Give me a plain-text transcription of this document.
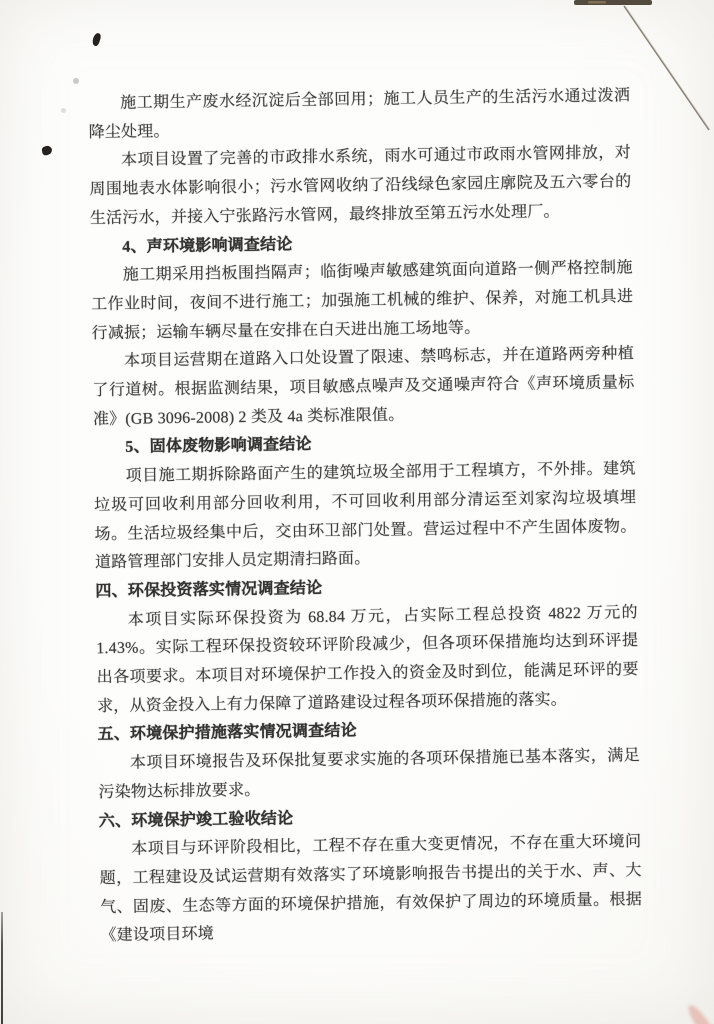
施工期生产废水经沉淀后全部回用；施工人员生产的生活污水通过泼洒降尘处理。

本项目设置了完善的市政排水系统，雨水可通过市政雨水管网排放，对周围地表水体影响很小；污水管网收纳了沿线绿色家园庄廓院及五六零台的生活污水，并接入宁张路污水管网，最终排放至第五污水处理厂。

4、声环境影响调查结论

施工期采用挡板围挡隔声；临街噪声敏感建筑面向道路一侧严格控制施工作业时间，夜间不进行施工；加强施工机械的维护、保养，对施工机具进行减振；运输车辆尽量在安排在白天进出施工场地等。

本项目运营期在道路入口处设置了限速、禁鸣标志，并在道路两旁种植了行道树。根据监测结果，项目敏感点噪声及交通噪声符合《声环境质量标准》(GB 3096-2008) 2 类及 4a 类标准限值。

5、固体废物影响调查结论

项目施工期拆除路面产生的建筑垃圾全部用于工程填方，不外排。建筑垃圾可回收利用部分回收利用，不可回收利用部分清运至刘家沟垃圾填埋场。生活垃圾经集中后，交由环卫部门处置。营运过程中不产生固体废物。道路管理部门安排人员定期清扫路面。

四、环保投资落实情况调查结论

本项目实际环保投资为 68.84 万元，占实际工程总投资 4822 万元的 1.43%。实际工程环保投资较环评阶段减少，但各项环保措施均达到环评提出各项要求。本项目对环境保护工作投入的资金及时到位，能满足环评的要求，从资金投入上有力保障了道路建设过程各项环保措施的落实。

五、环境保护措施落实情况调查结论

本项目环境报告及环保批复要求实施的各项环保措施已基本落实，满足污染物达标排放要求。

六、环境保护竣工验收结论

本项目与环评阶段相比，工程不存在重大变更情况，不存在重大环境问题，工程建设及试运营期有效落实了环境影响报告书提出的关于水、声、大气、固废、生态等方面的环境保护措施，有效保护了周边的环境质量。根据《建设项目环境
